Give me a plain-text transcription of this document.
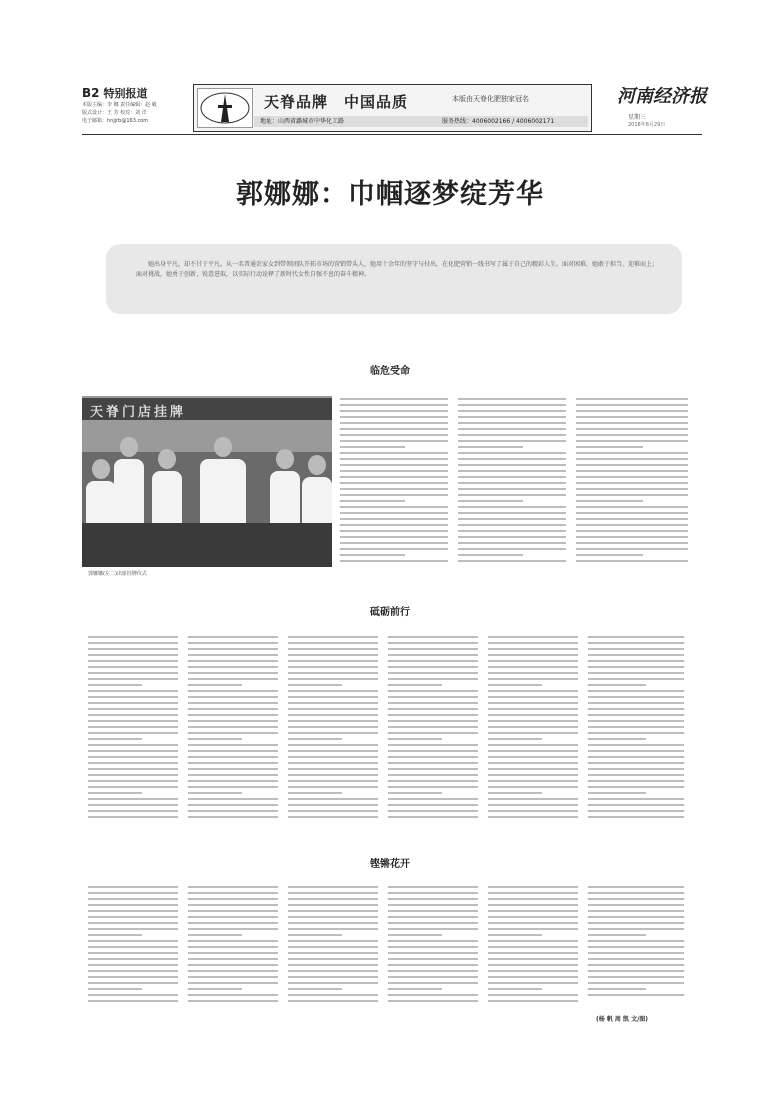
B2 特别报道
本版主编：李 娜 责任编辑：赵 敏
版式设计：王 芳 校对：刘 洋
电子邮箱：hnjjrb@163.com
天脊品牌　中国品质	本版由天脊化肥独家冠名
地址：山西省潞城市中华化工路	服务热线：4006002166 / 4006002171
河南经济报
星期三
2018年8月29日
郭娜娜：巾帼逐梦绽芳华
她出身平凡，却不甘于平凡。从一名普通农家女到带领团队开拓市场的营销带头人，她用十余年的坚守与付出，在化肥营销一线书写了属于自己的精彩人生。面对困难，她敢于担当、迎难而上；面对挑战，她勇于创新、锐意进取，以实际行动诠释了新时代女性自强不息的奋斗精神。
临危受命
砥砺前行
铿锵花开
天脊门店挂牌
郭娜娜(左二)出席挂牌仪式
(杨 帆 周 凯 文/图)
